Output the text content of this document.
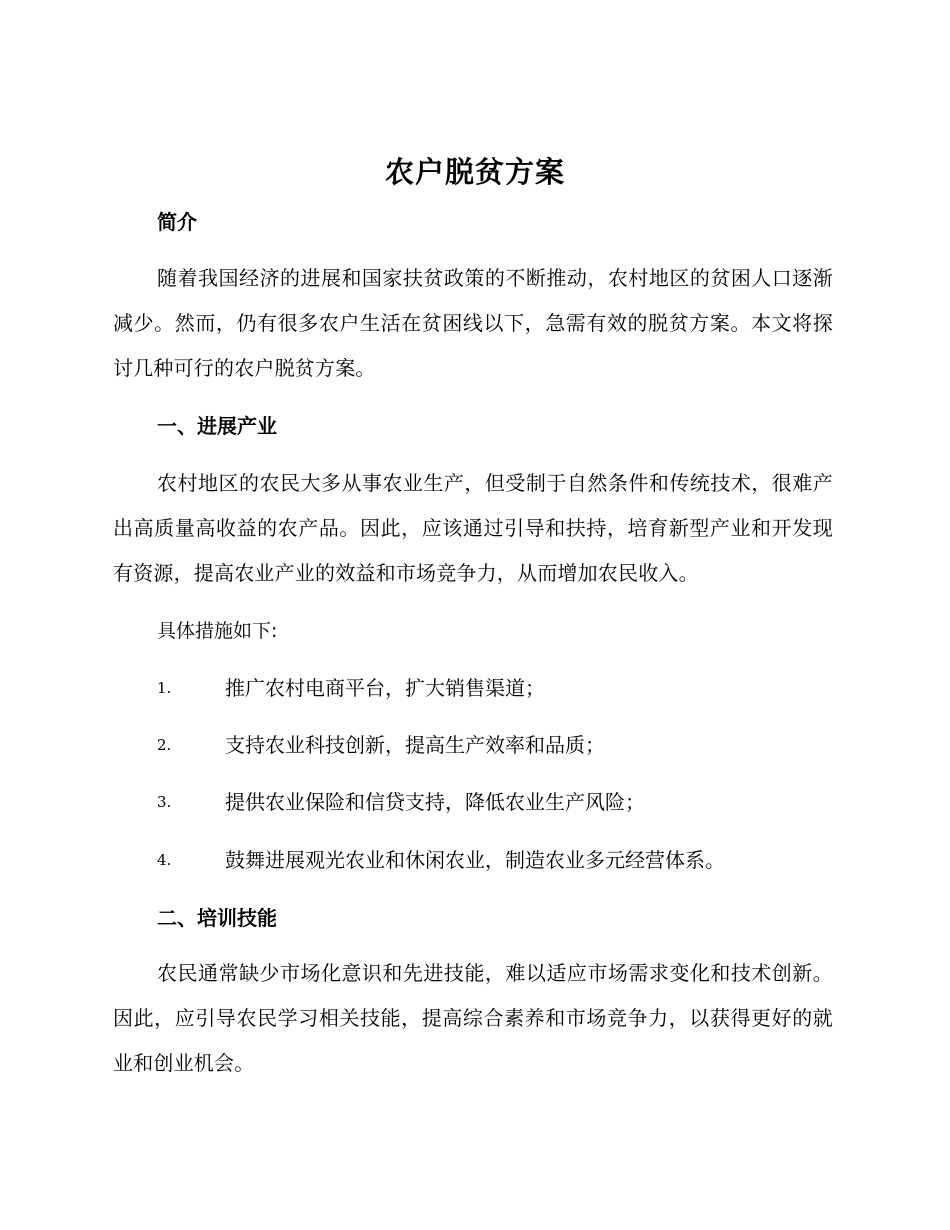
农户脱贫方案
简介
随着我国经济的进展和国家扶贫政策的不断推动，农村地区的贫困人口逐渐减少。然而，仍有很多农户生活在贫困线以下，急需有效的脱贫方案。本文将探讨几种可行的农户脱贫方案。
一、进展产业
农村地区的农民大多从事农业生产，但受制于自然条件和传统技术，很难产出高质量高收益的农产品。因此，应该通过引导和扶持，培育新型产业和开发现有资源，提高农业产业的效益和市场竞争力，从而增加农民收入。
具体措施如下:
1.	推广农村电商平台，扩大销售渠道；
2.	支持农业科技创新，提高生产效率和品质；
3.	提供农业保险和信贷支持，降低农业生产风险；
4.	鼓舞进展观光农业和休闲农业，制造农业多元经营体系。
二、培训技能
农民通常缺少市场化意识和先进技能，难以适应市场需求变化和技术创新。因此，应引导农民学习相关技能，提高综合素养和市场竞争力，以获得更好的就业和创业机会。
